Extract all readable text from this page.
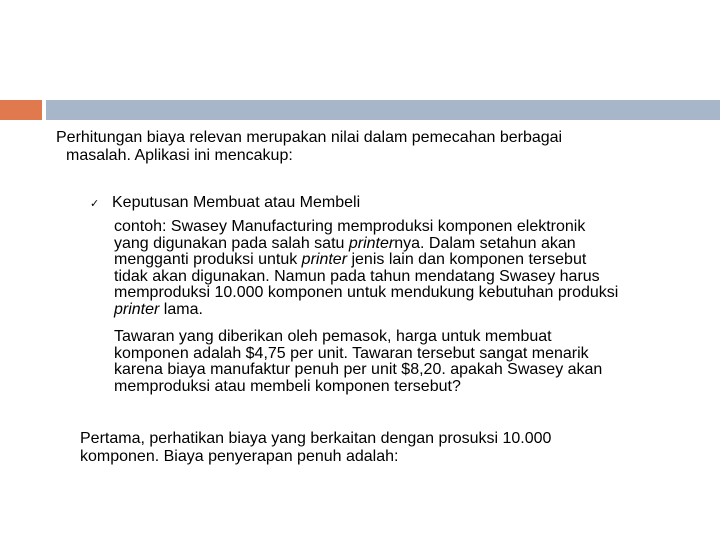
Perhitungan biaya relevan merupakan nilai dalam pemecahan berbagai
masalah. Aplikasi ini mencakup:
✓ Keputusan Membuat atau Membeli
contoh: Swasey Manufacturing memproduksi komponen elektronik
yang digunakan pada salah satu printernya. Dalam setahun akan
mengganti produksi untuk printer jenis lain dan komponen tersebut
tidak akan digunakan. Namun pada tahun mendatang Swasey harus
memproduksi 10.000 komponen untuk mendukung kebutuhan produksi
printer lama.
Tawaran yang diberikan oleh pemasok, harga untuk membuat
komponen adalah $4,75 per unit. Tawaran tersebut sangat menarik
karena biaya manufaktur penuh per unit $8,20. apakah Swasey akan
memproduksi atau membeli komponen tersebut?
Pertama, perhatikan biaya yang berkaitan dengan prosuksi 10.000
komponen. Biaya penyerapan penuh adalah:
